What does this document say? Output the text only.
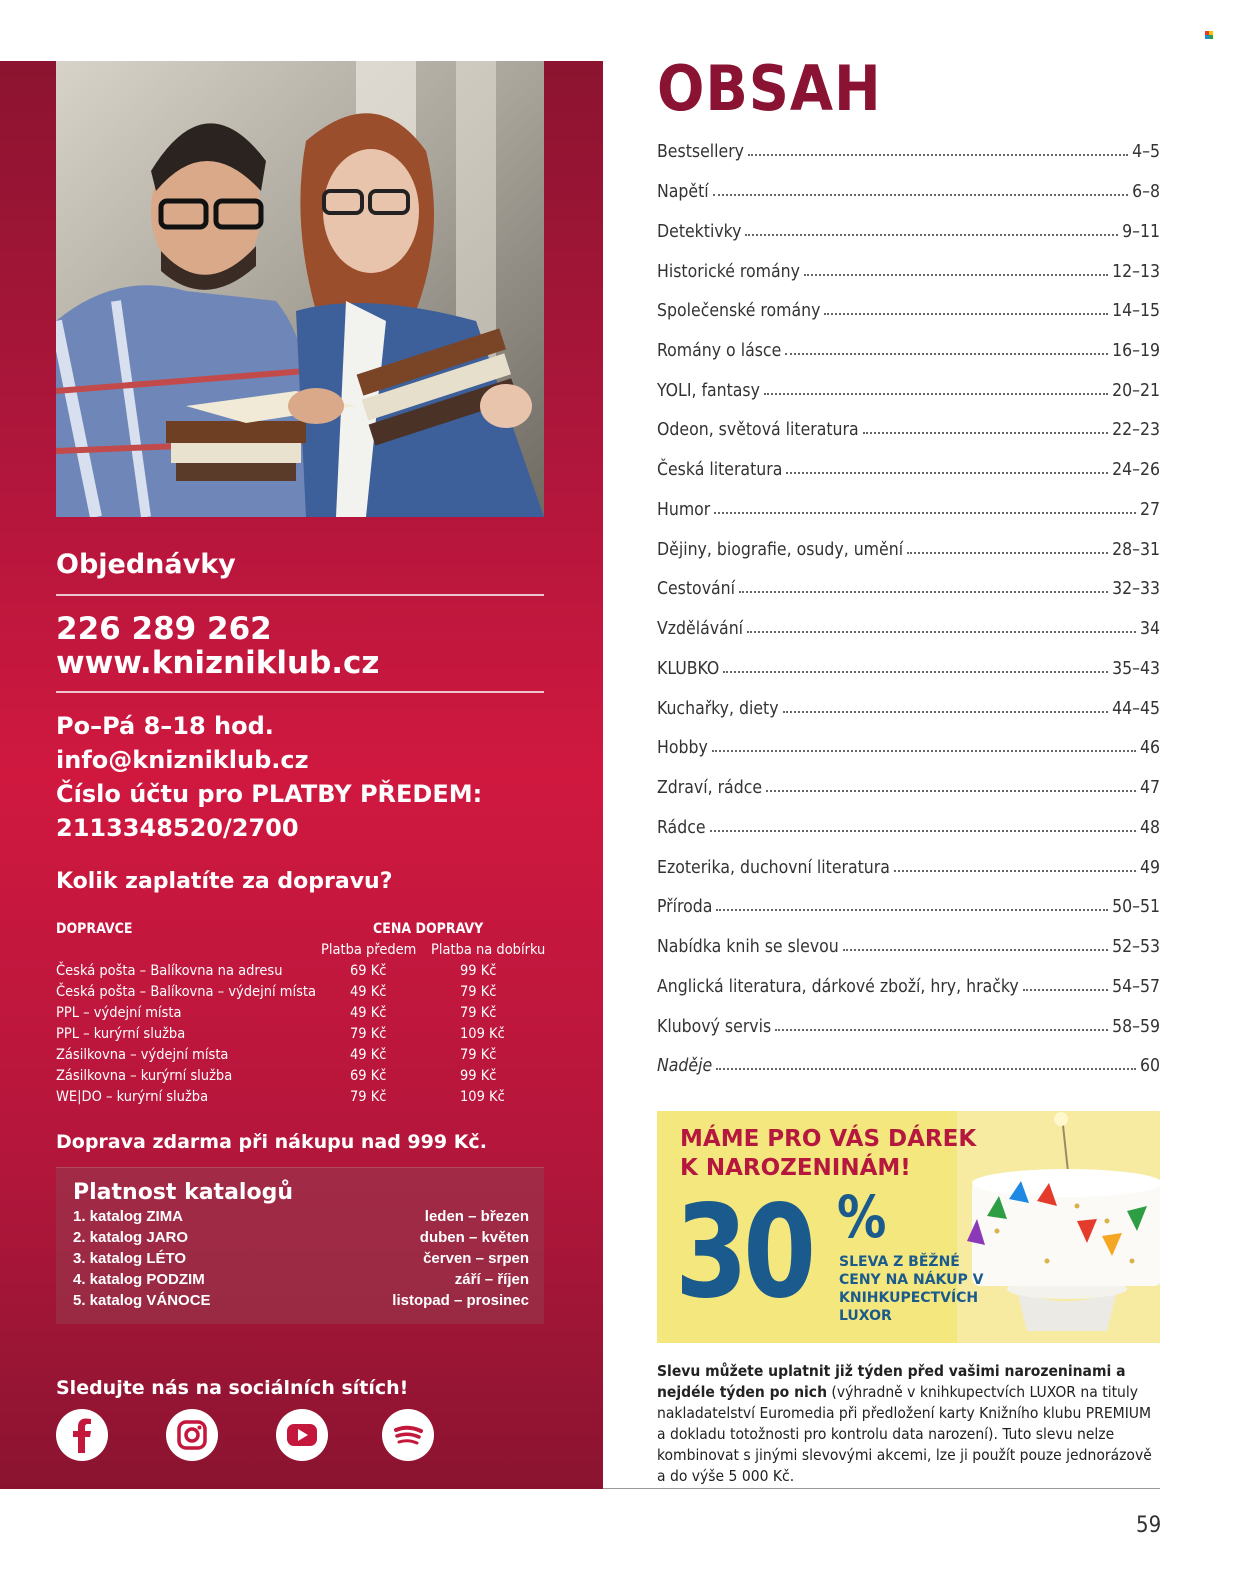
Objednávky
226 289 262
www.knizniklub.cz
Po–Pá 8–18 hod.
info@knizniklub.cz
Číslo účtu pro PLATBY PŘEDEM:
2113348520/2700
Kolik zaplatíte za dopravu?
DOPRAVCE	CENA DOPRAVY
Platba předem Platba na dobírku
Česká pošta – Balíkovna na adresu	69 Kč	99 Kč
Česká pošta – Balíkovna – výdejní místa 49 Kč	79 Kč
PPL – výdejní místa	49 Kč	79 Kč
PPL – kurýrní služba	79 Kč	109 Kč
Zásilkovna – výdejní místa	49 Kč	79 Kč
Zásilkovna – kurýrní služba	69 Kč	99 Kč
WE|DO – kurýrní služba	79 Kč	109 Kč
Doprava zdarma při nákupu nad 999 Kč.
Platnost katalogů
1. katalog ZIMA	leden – březen
2. katalog JARO	duben – květen
3. katalog LÉTO	červen – srpen
4. katalog PODZIM	září – říjen
5. katalog VÁNOCE	listopad – prosinec
Sledujte nás na sociálních sítích!
OBSAH
Bestsellery	4–5
Napětí	6–8
Detektivky	9–11
Historické romány	12–13
Společenské romány	14–15
Romány o lásce	16–19
YOLI, fantasy	20–21
Odeon, světová literatura	22–23
Česká literatura	24–26
Humor	27
Dějiny, biografie, osudy, umění	28–31
Cestování	32–33
Vzdělávání	34
KLUBKO	35–43
Kuchařky, diety	44–45
Hobby	46
Zdraví, rádce	47
Rádce	48
Ezoterika, duchovní literatura	49
Příroda	50–51
Nabídka knih se slevou	52–53
Anglická literatura, dárkové zboží, hry, hračky	54–57
Klubový servis	58–59
Naděje	60
MÁME PRO VÁS DÁREK
K NAROZENINÁM!
30 %
SLEVA Z BĚŽNÉ CENY NA NÁKUP V KNIHKUPECTVÍCH LUXOR
Slevu můžete uplatnit již týden před vašimi narozeninami a nejdéle týden po nich (výhradně v knihkupectvích LUXOR na tituly nakladatelství Euromedia při předložení karty Knižního klubu PREMIUM a dokladu totožnosti pro kontrolu data narození). Tuto slevu nelze kombinovat s jinými slevovými akcemi, lze ji použít pouze jednorázově a do výše 5 000 Kč.
59
